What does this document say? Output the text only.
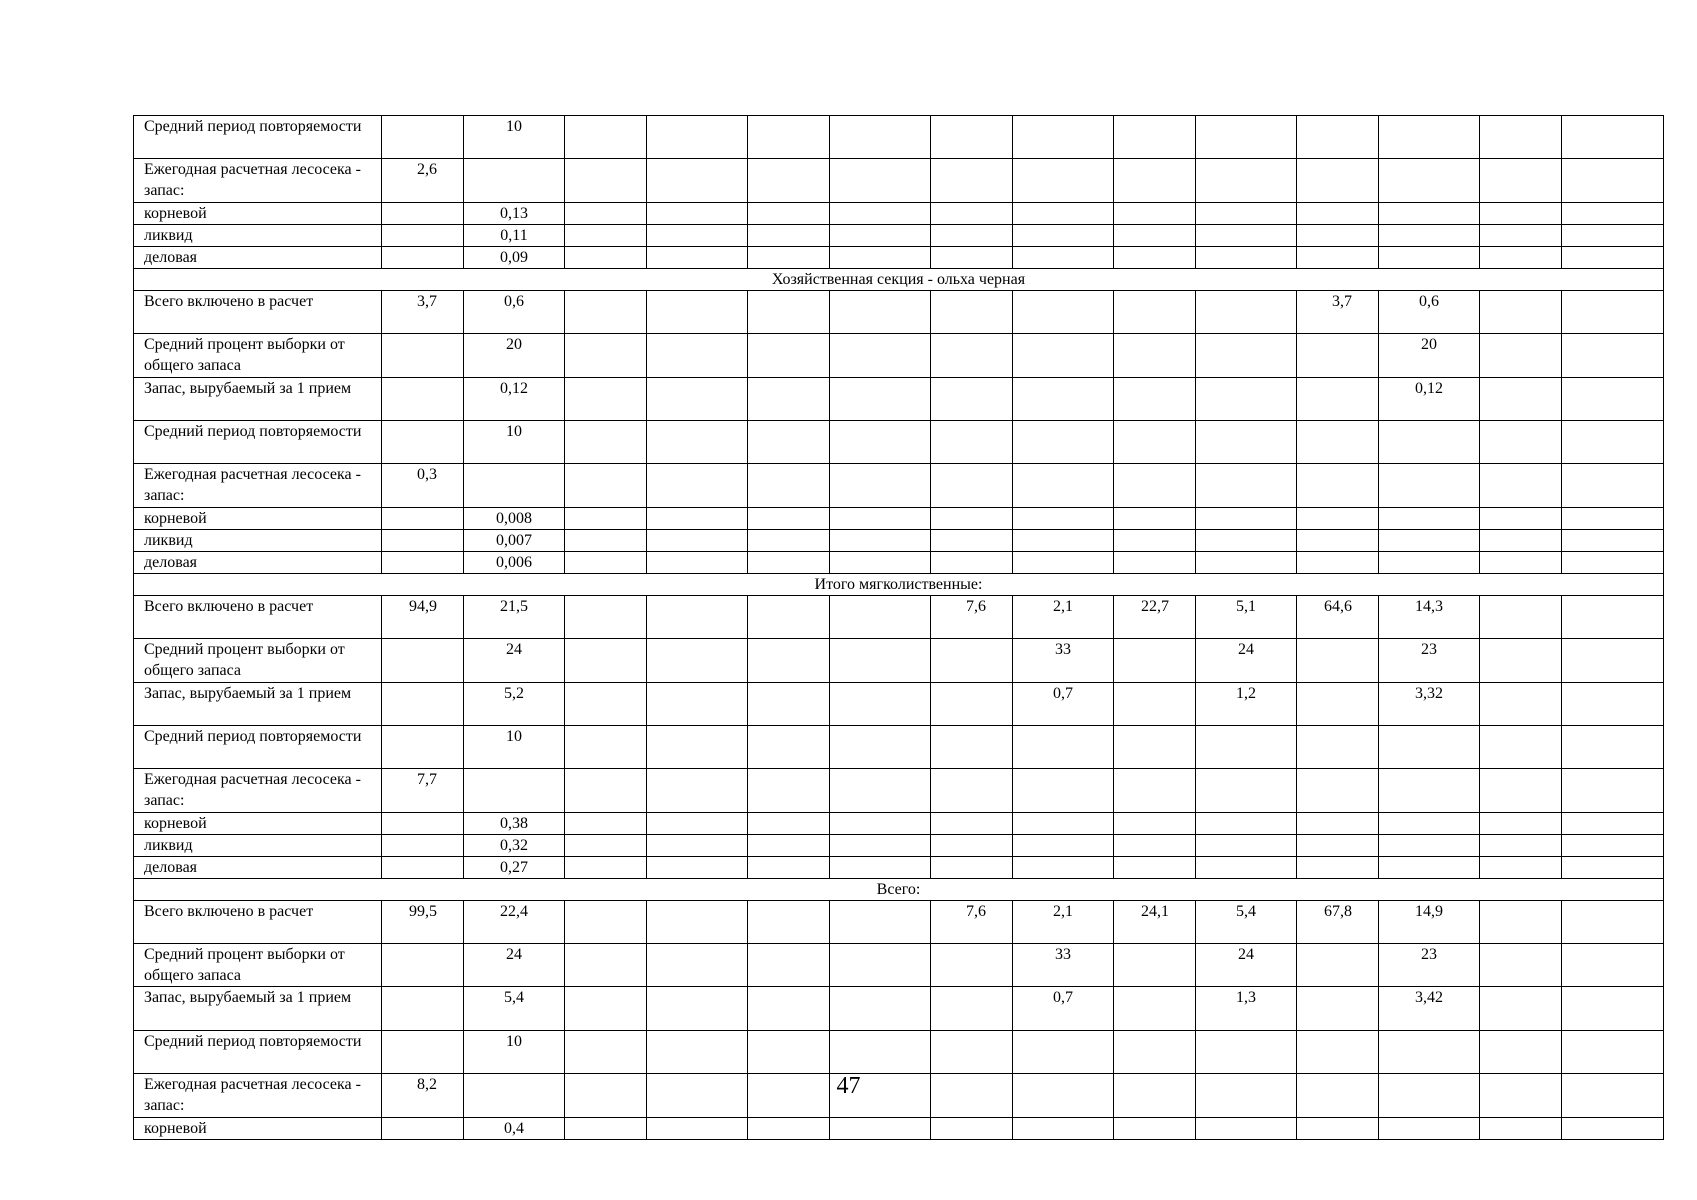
Средний период повторяемости		10												

Ежегодная расчетная лесосека - запас:	2,6													

корневой		0,13												

ликвид		0,11												

деловая		0,09												

Хозяйственная секция - ольха черная														
Всего включено в расчет	3,7	0,6									3,7	0,6		

Средний процент выборки от общего запаса		20										20		

Запас, вырубаемый за 1 прием		0,12										0,12		

Средний период повторяемости		10												

Ежегодная расчетная лесосека - запас:	0,3													

корневой		0,008												

ликвид		0,007												

деловая		0,006												

Итого мягколиственные:														
Всего включено в расчет	94,9	21,5					7,6	2,1	22,7	5,1	64,6	14,3		

Средний процент выборки от общего запаса		24						33		24		23		

Запас, вырубаемый за 1 прием		5,2						0,7		1,2		3,32		

Средний период повторяемости		10												

Ежегодная расчетная лесосека - запас:	7,7													

корневой		0,38												

ликвид		0,32												

деловая		0,27												

Всего:														
Всего включено в расчет	99,5	22,4					7,6	2,1	24,1	5,4	67,8	14,9		

Средний процент выборки от общего запаса		24						33		24		23		

Запас, вырубаемый за 1 прием		5,4						0,7		1,3		3,42		

Средний период повторяемости		10												

Ежегодная расчетная лесосека - запас:	8,2													

корневой		0,4												

47
